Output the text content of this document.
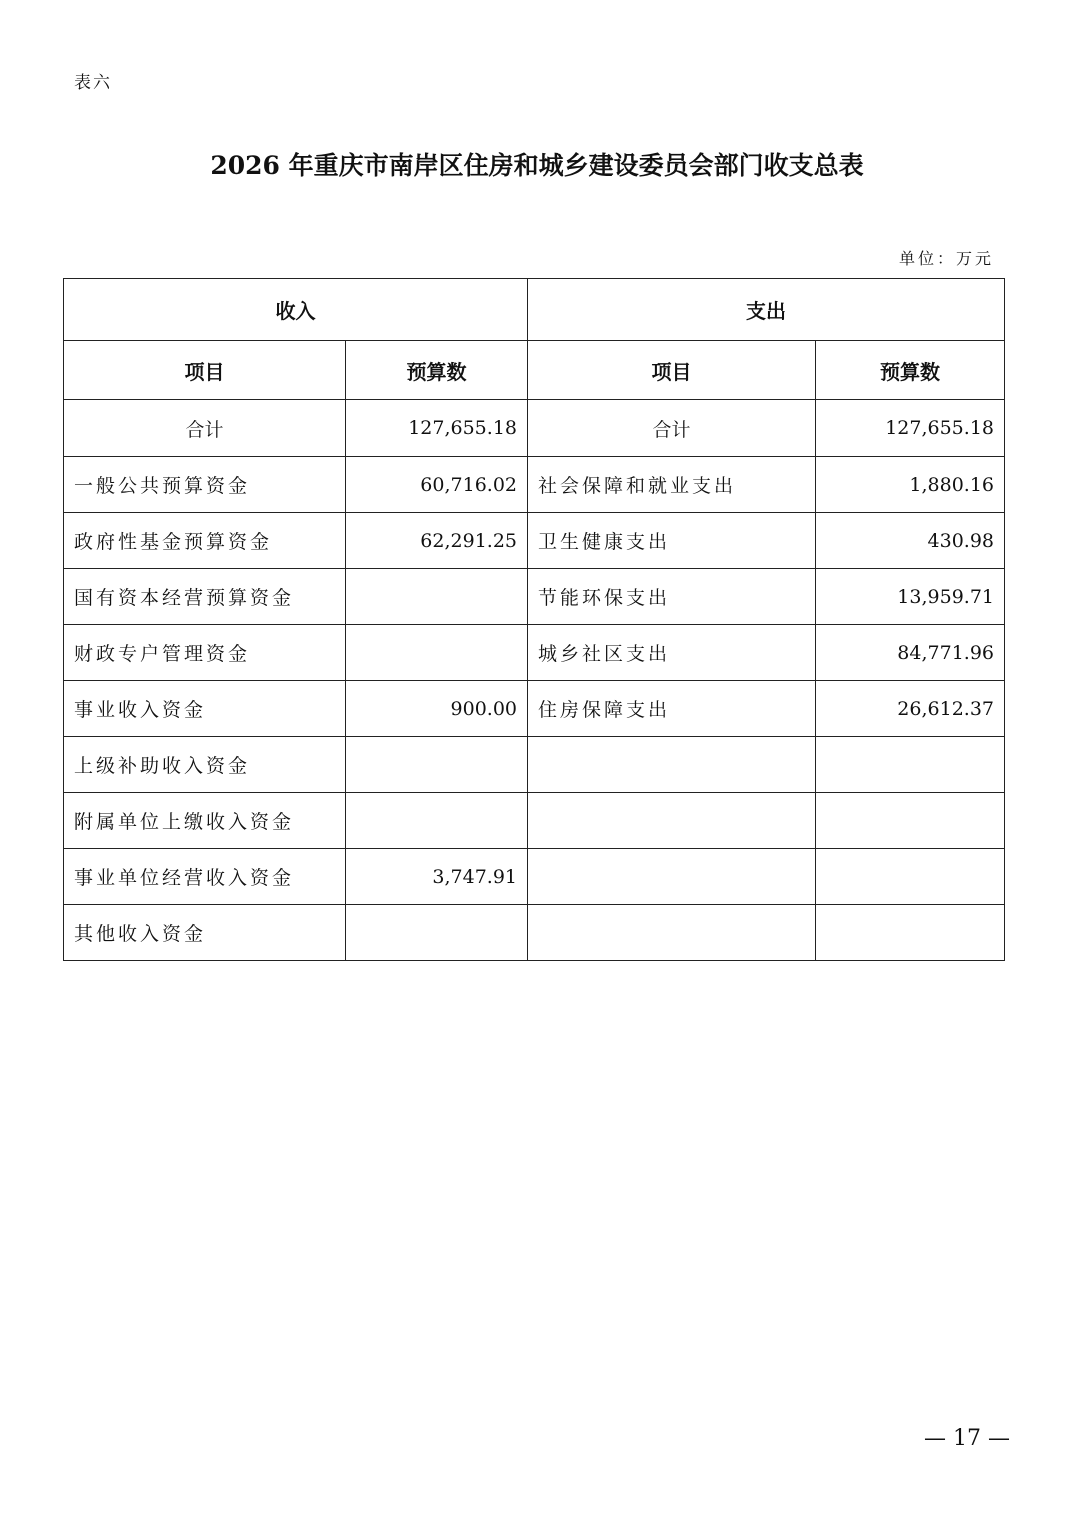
表六
2026 年重庆市南岸区住房和城乡建设委员会部门收支总表
单位：万元
收入		支出	
项目	预算数	项目	预算数
合计	127,655.18	合计	127,655.18
一般公共预算资金	60,716.02	社会保障和就业支出	1,880.16
政府性基金预算资金	62,291.25	卫生健康支出	430.98
国有资本经营预算资金		节能环保支出	13,959.71
财政专户管理资金		城乡社区支出	84,771.96
事业收入资金	900.00	住房保障支出	26,612.37
上级补助收入资金			
附属单位上缴收入资金			
事业单位经营收入资金	3,747.91		
其他收入资金			
— 17 —
